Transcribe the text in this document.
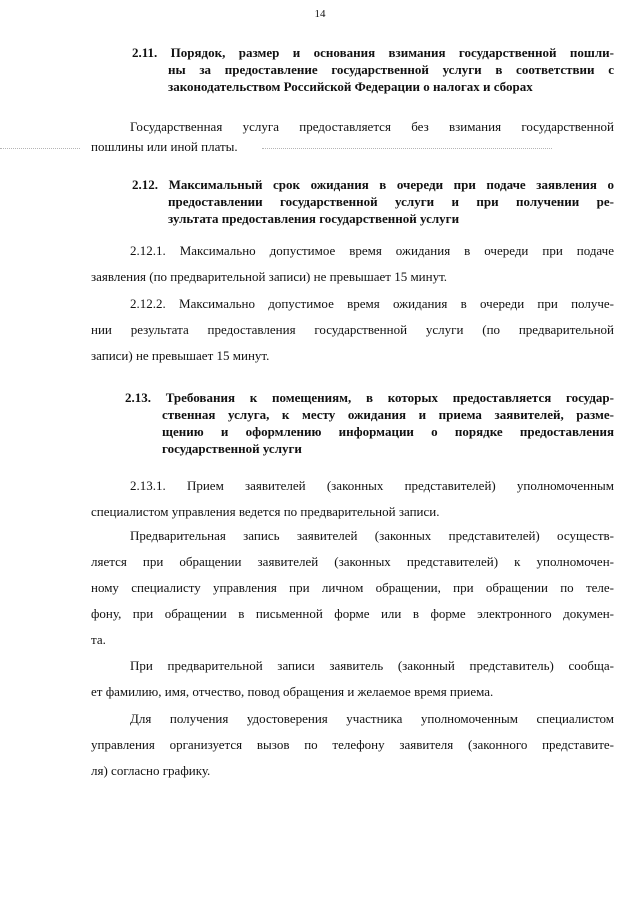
14
2.11. Порядок, размер и основания взимания государственной пошли-
ны за предоставление государственной услуги в соответствии с
законодательством Российской Федерации о налогах и сборах
Государственная услуга предоставляется без взимания государственной
пошлины или иной платы.
2.12. Максимальный срок ожидания в очереди при подаче заявления о
предоставлении государственной услуги и при получении ре-
зультата предоставления государственной услуги
2.12.1. Максимально допустимое время ожидания в очереди при подаче
заявления (по предварительной записи) не превышает 15 минут.
2.12.2. Максимально допустимое время ожидания в очереди при получе-
нии результата предоставления государственной услуги (по предварительной
записи) не превышает 15 минут.
2.13. Требования к помещениям, в которых предоставляется государ-
ственная услуга, к месту ожидания и приема заявителей, разме-
щению и оформлению информации о порядке предоставления
государственной услуги
2.13.1. Прием заявителей (законных представителей) уполномоченным
специалистом управления ведется по предварительной записи.
Предварительная запись заявителей (законных представителей) осуществ-
ляется при обращении заявителей (законных представителей) к уполномочен-
ному специалисту управления при личном обращении, при обращении по теле-
фону, при обращении в письменной форме или в форме электронного докумен-
та.
При предварительной записи заявитель (законный представитель) сообща-
ет фамилию, имя, отчество, повод обращения и желаемое время приема.
Для получения удостоверения участника уполномоченным специалистом
управления организуется вызов по телефону заявителя (законного представите-
ля) согласно графику.
